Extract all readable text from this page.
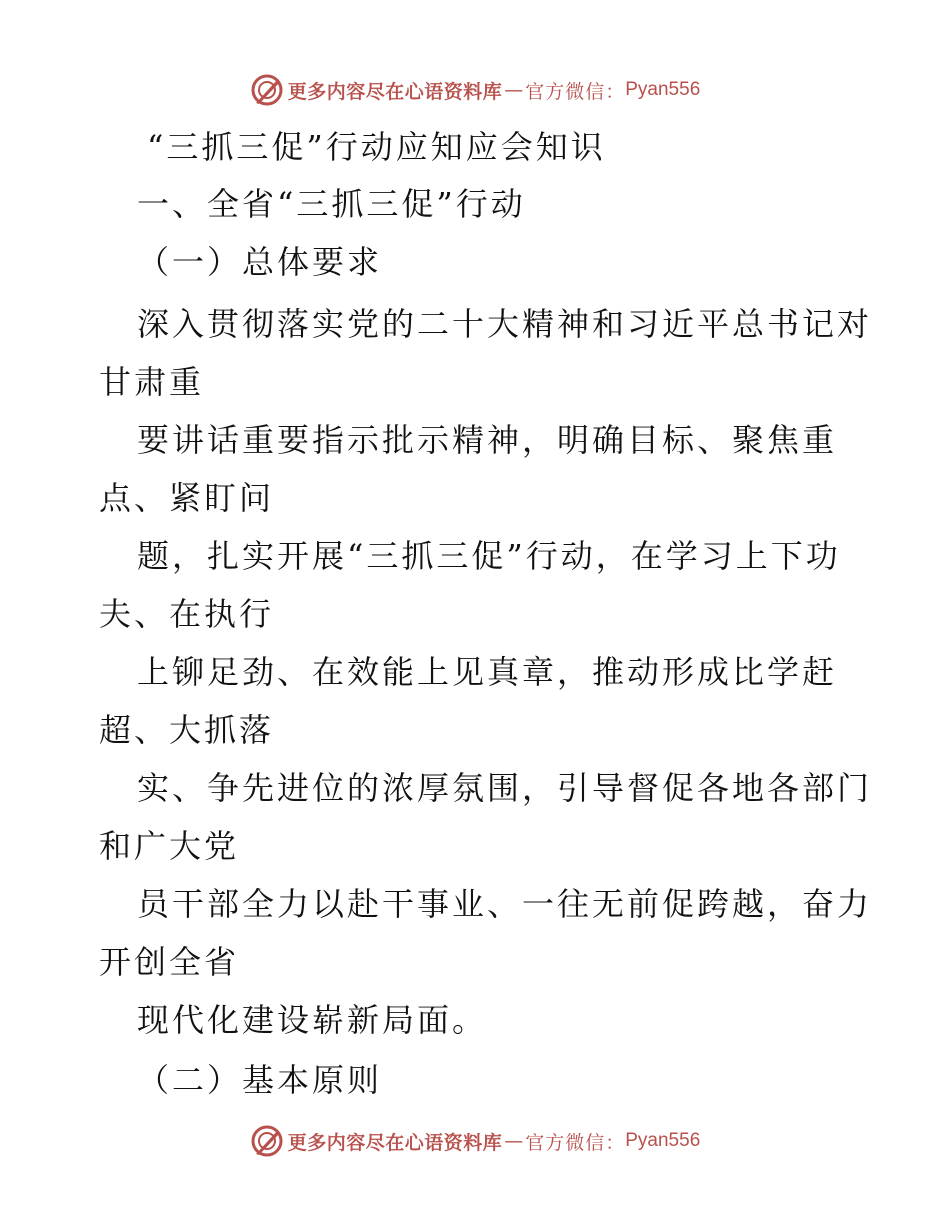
更多内容尽在心语资料库 — 官方微信： Pyan556
“三抓三促”行动应知应会知识
一、全省“三抓三促”行动
（一）总体要求
深入贯彻落实党的二十大精神和习近平总书记对
甘肃重
要讲话重要指示批示精神，明确目标、聚焦重
点、紧盯问
题，扎实开展“三抓三促”行动，在学习上下功
夫、在执行
上铆足劲、在效能上见真章，推动形成比学赶
超、大抓落
实、争先进位的浓厚氛围，引导督促各地各部门
和广大党
员干部全力以赴干事业、一往无前促跨越，奋力
开创全省
现代化建设崭新局面。
（二）基本原则
更多内容尽在心语资料库 — 官方微信： Pyan556
